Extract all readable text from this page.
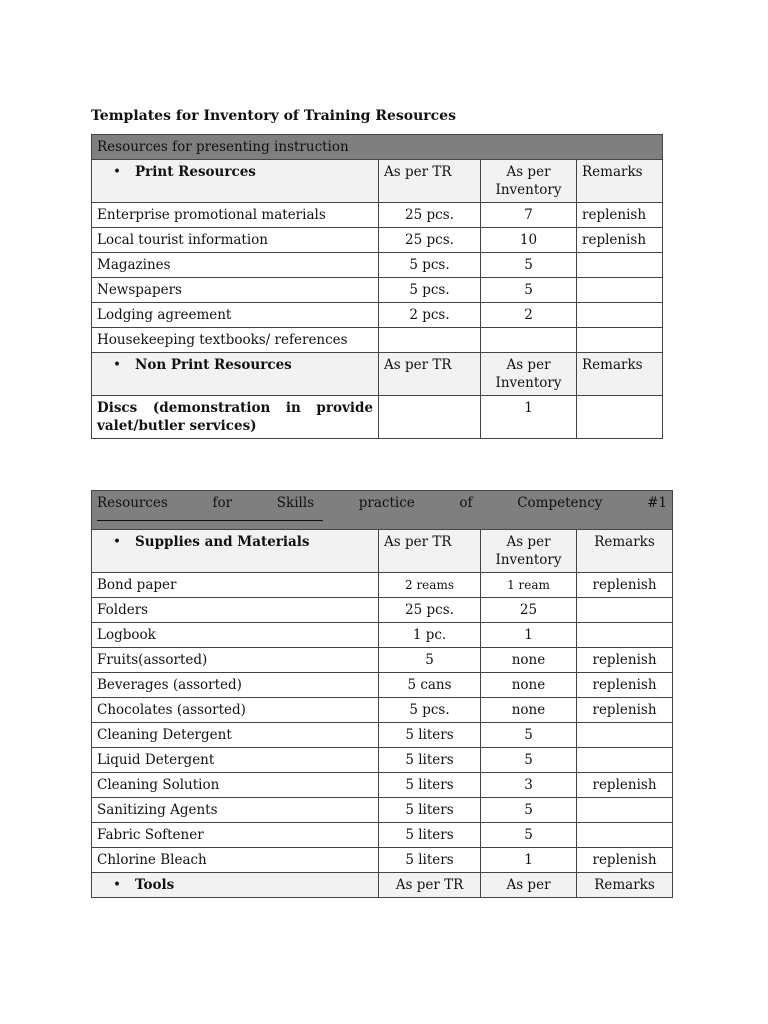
Templates for Inventory of Training Resources
Resources for presenting instruction			
• Print Resources	As per TR	As per Inventory	Remarks
Enterprise promotional materials	25 pcs.	7	replenish
Local tourist information	25 pcs.	10	replenish
Magazines	5 pcs.	5	
Newspapers	5 pcs.	5	
Lodging agreement	2 pcs.	2	
Housekeeping textbooks/ references			
• Non Print Resources	As per TR	As per Inventory	Remarks
Discs (demonstration in provide valet/butler services)		1	
Resources for Skills practice of Competency #1			

• Supplies and Materials	As per TR	As per Inventory	Remarks
Bond paper	2 reams	1 ream	replenish
Folders	25 pcs.	25	
Logbook	1 pc.	1	
Fruits(assorted)	5	none	replenish
Beverages (assorted)	5 cans	none	replenish
Chocolates (assorted)	5 pcs.	none	replenish
Cleaning Detergent	5 liters	5	
Liquid Detergent	5 liters	5	
Cleaning Solution	5 liters	3	replenish
Sanitizing Agents	5 liters	5	
Fabric Softener	5 liters	5	
Chlorine Bleach	5 liters	1	replenish
• Tools	As per TR	As per	Remarks
